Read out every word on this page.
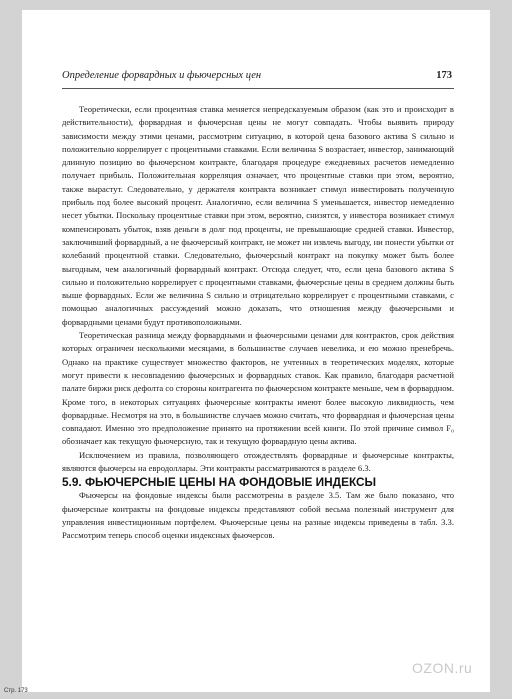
Определение форвардных и фьючерсных цен	173

Теоретически, если процентная ставка меняется непредсказуемым образом (как это и происходит в действительности), форвардная и фьючерсная цены не могут совпадать. Чтобы выявить природу зависимости между этими ценами, рассмотрим ситуацию, в которой цена базового актива S сильно и положительно коррелирует с процентными ставками. Если величина S возрастает, инвестор, занимающий длинную позицию во фьючерсном контракте, благодаря процедуре ежедневных расчетов немедленно получает прибыль. Положительная корреляция означает, что процентные ставки при этом, вероятно, также вырастут. Следовательно, у держателя контракта возникает стимул инвестировать полученную прибыль под более высокий процент. Аналогично, если величина S уменьшается, инвестор немедленно несет убытки. Поскольку процентные ставки при этом, вероятно, снизятся, у инвестора возникает стимул компенсировать убыток, взяв деньги в долг под проценты, не превышающие средней ставки. Инвестор, заключивший форвардный, а не фьючерсный контракт, не может ни извлечь выгоду, ни понести убытки от колебаний процентной ставки. Следовательно, фьючерсный контракт на покупку может быть более выгодным, чем аналогичный форвардный контракт. Отсюда следует, что, если цена базового актива S сильно и положительно коррелирует с процентными ставками, фьючерсные цены в среднем должны быть выше форвардных. Если же величина S сильно и отрицательно коррелирует с процентными ставками, с помощью аналогичных рассуждений можно доказать, что отношения между фьючерсными и форвардными ценами будут противоположными.

Теоретическая разница между форвардными и фьючерсными ценами для контрактов, срок действия которых ограничен несколькими месяцами, в большинстве случаев невелика, и ею можно пренебречь. Однако на практике существует множество факторов, не учтенных в теоретических моделях, которые могут привести к несовпадению фьючерсных и форвардных ставок. Как правило, благодаря расчетной палате биржи риск дефолта со стороны контрагента по фьючерсном контракте меньше, чем в форвардном. Кроме того, в некоторых ситуациях фьючерсные контракты имеют более высокую ликвидность, чем форвардные. Несмотря на это, в большинстве случаев можно считать, что форвардная и фьючерсная цены совпадают. Именно это предположение принято на протяжении всей книги. По этой причине символ F₀ обозначает как текущую фьючерсную, так и текущую форвардную цены актива.

Исключением из правила, позволяющего отождествлять форвардные и фьючерсные контракты, являются фьючерсы на евродоллары. Эти контракты рассматриваются в разделе 6.3.

5.9. ФЬЮЧЕРСНЫЕ ЦЕНЫ НА ФОНДОВЫЕ ИНДЕКСЫ

Фьючерсы на фондовые индексы были рассмотрены в разделе 3.5. Там же было показано, что фьючерсные контракты на фондовые индексы представляют собой весьма полезный инструмент для управления инвестиционным портфелем. Фьючерсные цены на разные индексы приведены в табл. 3.3. Рассмотрим теперь способ оценки индексных фьючерсов.

OZON.ru
Стр. 173
